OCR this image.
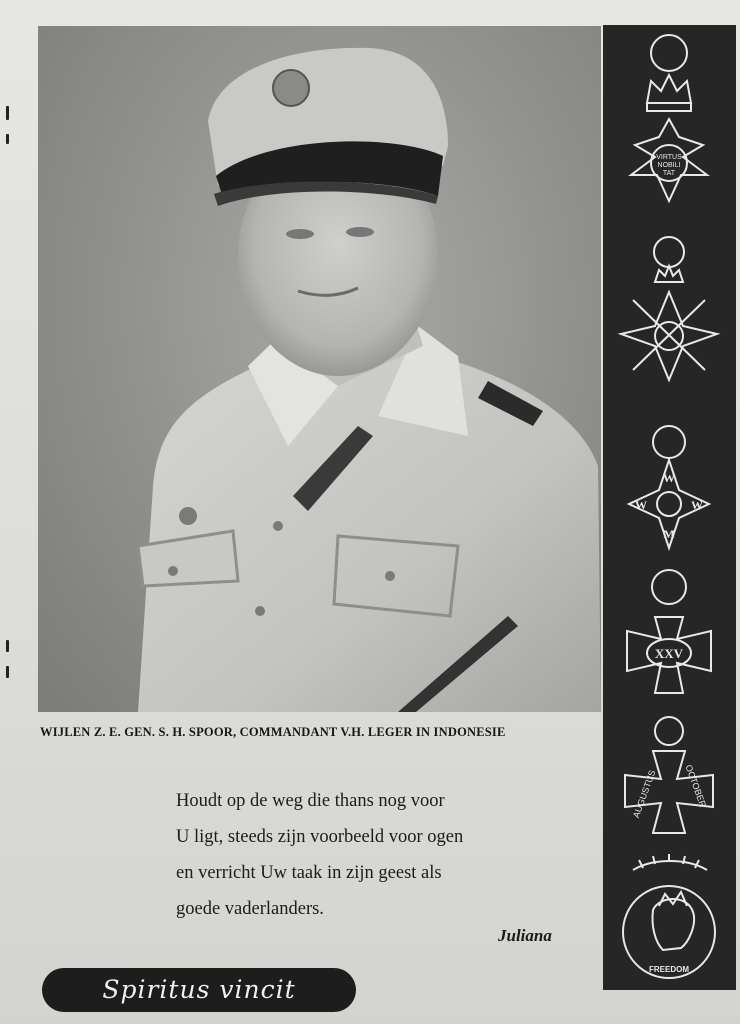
WIJLEN Z. E. GEN. S. H. SPOOR, COMMANDANT V.H. LEGER IN INDONESIE
Houdt op de weg die thans nog voor
U ligt, steeds zijn voorbeeld voor ogen
en verricht Uw taak in zijn geest als
goede vaderlanders.
Juliana
Spiritus vincit
VIRTUS
NOBILI
TAT
W
W	W
M
XXV
AUGUSTUS	OCTOBER
FREEDOM
